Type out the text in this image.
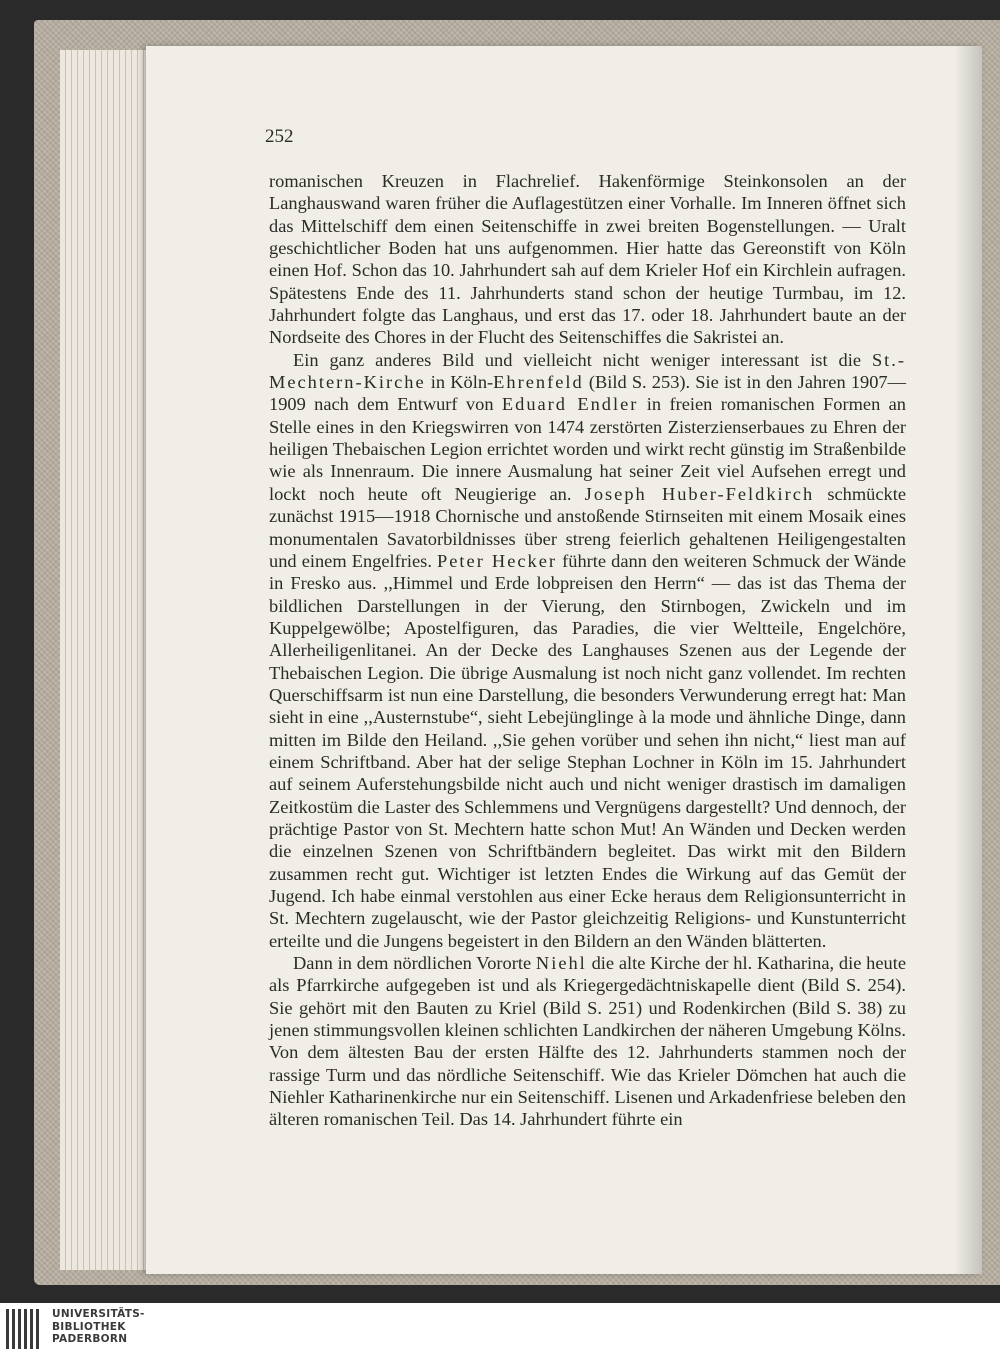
252

romanischen Kreuzen in Flachrelief. Hakenförmige Steinkonsolen an der Langhauswand waren früher die Auflagestützen einer Vorhalle. Im Inneren öffnet sich das Mittelschiff dem einen Seitenschiffe in zwei breiten Bogenstellungen. — Uralt geschichtlicher Boden hat uns aufgenommen. Hier hatte das Gereonstift von Köln einen Hof. Schon das 10. Jahrhundert sah auf dem Krieler Hof ein Kirchlein aufragen. Spätestens Ende des 11. Jahrhunderts stand schon der heutige Turmbau, im 12. Jahrhundert folgte das Langhaus, und erst das 17. oder 18. Jahrhundert baute an der Nordseite des Chores in der Flucht des Seitenschiffes die Sakristei an.

Ein ganz anderes Bild und vielleicht nicht weniger interessant ist die St.-Mechtern-Kirche in Köln-Ehrenfeld (Bild S. 253). Sie ist in den Jahren 1907—1909 nach dem Entwurf von Eduard Endler in freien romanischen Formen an Stelle eines in den Kriegswirren von 1474 zerstörten Zisterzienserbaues zu Ehren der heiligen Thebaischen Legion errichtet worden und wirkt recht günstig im Straßenbilde wie als Innenraum. Die innere Ausmalung hat seiner Zeit viel Aufsehen erregt und lockt noch heute oft Neugierige an. Joseph Huber-Feldkirch schmückte zunächst 1915—1918 Chornische und anstoßende Stirnseiten mit einem Mosaik eines monumentalen Savatorbildnisses über streng feierlich gehaltenen Heiligengestalten und einem Engelfries. Peter Hecker führte dann den weiteren Schmuck der Wände in Fresko aus. ,,Himmel und Erde lobpreisen den Herrn“ — das ist das Thema der bildlichen Darstellungen in der Vierung, den Stirnbogen, Zwickeln und im Kuppelgewölbe; Apostelfiguren, das Paradies, die vier Weltteile, Engelchöre, Allerheiligenlitanei. An der Decke des Langhauses Szenen aus der Legende der Thebaischen Legion. Die übrige Ausmalung ist noch nicht ganz vollendet. Im rechten Querschiffsarm ist nun eine Darstellung, die besonders Verwunderung erregt hat: Man sieht in eine ,,Austernstube“, sieht Lebejünglinge à la mode und ähnliche Dinge, dann mitten im Bilde den Heiland. ,,Sie gehen vorüber und sehen ihn nicht,“ liest man auf einem Schriftband. Aber hat der selige Stephan Lochner in Köln im 15. Jahrhundert auf seinem Auferstehungsbilde nicht auch und nicht weniger drastisch im damaligen Zeitkostüm die Laster des Schlemmens und Vergnügens dargestellt? Und dennoch, der prächtige Pastor von St. Mechtern hatte schon Mut! An Wänden und Decken werden die einzelnen Szenen von Schriftbändern begleitet. Das wirkt mit den Bildern zusammen recht gut. Wichtiger ist letzten Endes die Wirkung auf das Gemüt der Jugend. Ich habe einmal verstohlen aus einer Ecke heraus dem Religionsunterricht in St. Mechtern zugelauscht, wie der Pastor gleichzeitig Religions- und Kunstunterricht erteilte und die Jungens begeistert in den Bildern an den Wänden blätterten.

Dann in dem nördlichen Vororte Niehl die alte Kirche der hl. Katharina, die heute als Pfarrkirche aufgegeben ist und als Kriegergedächtniskapelle dient (Bild S. 254). Sie gehört mit den Bauten zu Kriel (Bild S. 251) und Rodenkirchen (Bild S. 38) zu jenen stimmungsvollen kleinen schlichten Landkirchen der näheren Umgebung Kölns. Von dem ältesten Bau der ersten Hälfte des 12. Jahrhunderts stammen noch der rassige Turm und das nördliche Seitenschiff. Wie das Krieler Dömchen hat auch die Niehler Katharinenkirche nur ein Seitenschiff. Lisenen und Arkadenfriese beleben den älteren romanischen Teil. Das 14. Jahrhundert führte ein

UNIVERSITÄTS-
BIBLIOTHEK
PADERBORN
